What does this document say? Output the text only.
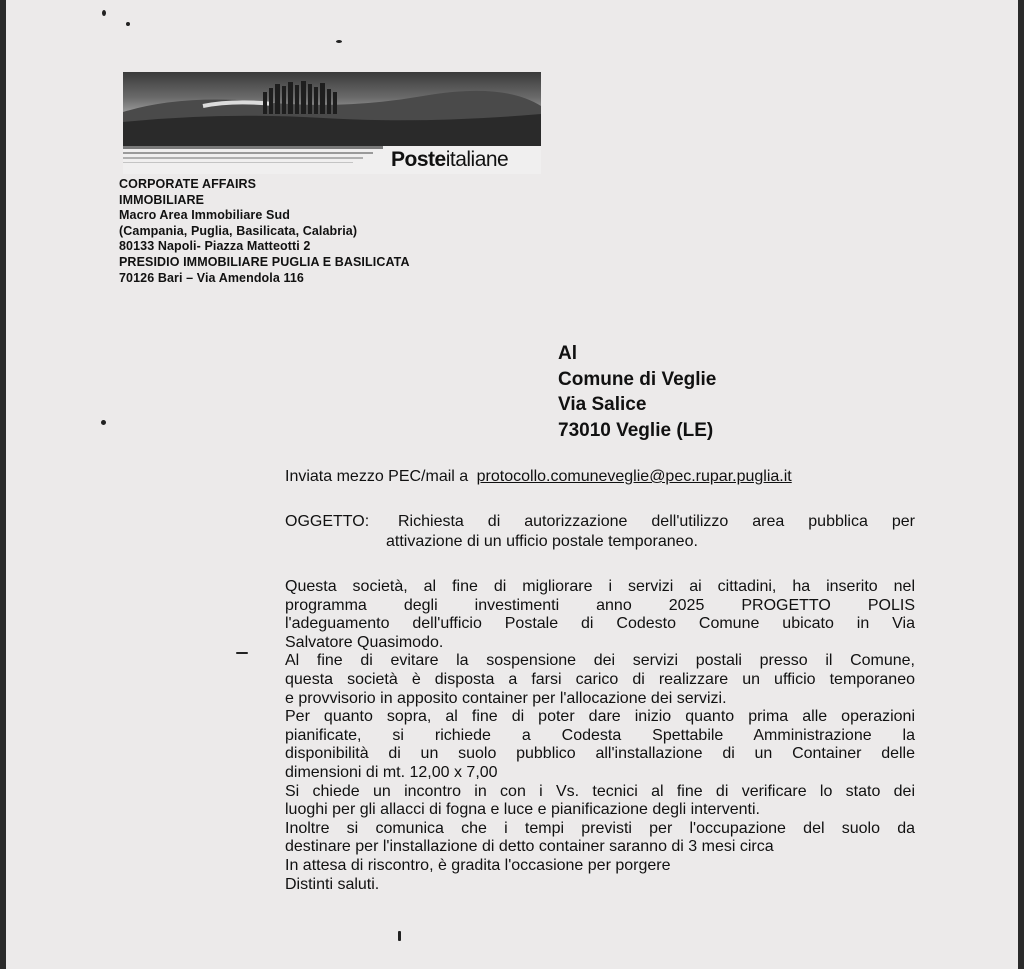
Posteitaliane
CORPORATE AFFAIRS
IMMOBILIARE
Macro Area Immobiliare Sud
(Campania, Puglia, Basilicata, Calabria)
80133 Napoli- Piazza Matteotti 2
PRESIDIO IMMOBILIARE PUGLIA E BASILICATA
70126 Bari – Via Amendola 116
Al
Comune di Veglie
Via Salice
73010 Veglie (LE)
Inviata mezzo PEC/mail a protocollo.comuneveglie@pec.rupar.puglia.it
OGGETTO: Richiesta di autorizzazione dell'utilizzo area pubblica per
attivazione di un ufficio postale temporaneo.
Questa società, al fine di migliorare i servizi ai cittadini, ha inserito nel
programma degli investimenti anno 2025 PROGETTO POLIS
l'adeguamento dell'ufficio Postale di Codesto Comune ubicato in Via
Salvatore Quasimodo.
Al fine di evitare la sospensione dei servizi postali presso il Comune,
questa società è disposta a farsi carico di realizzare un ufficio temporaneo
e provvisorio in apposito container per l'allocazione dei servizi.
Per quanto sopra, al fine di poter dare inizio quanto prima alle operazioni
pianificate, si richiede a Codesta Spettabile Amministrazione la
disponibilità di un suolo pubblico all'installazione di un Container delle
dimensioni di mt. 12,00 x 7,00
Si chiede un incontro in con i Vs. tecnici al fine di verificare lo stato dei
luoghi per gli allacci di fogna e luce e pianificazione degli interventi.
Inoltre si comunica che i tempi previsti per l'occupazione del suolo da
destinare per l'installazione di detto container saranno di 3 mesi circa
In attesa di riscontro, è gradita l'occasione per porgere
Distinti saluti.
